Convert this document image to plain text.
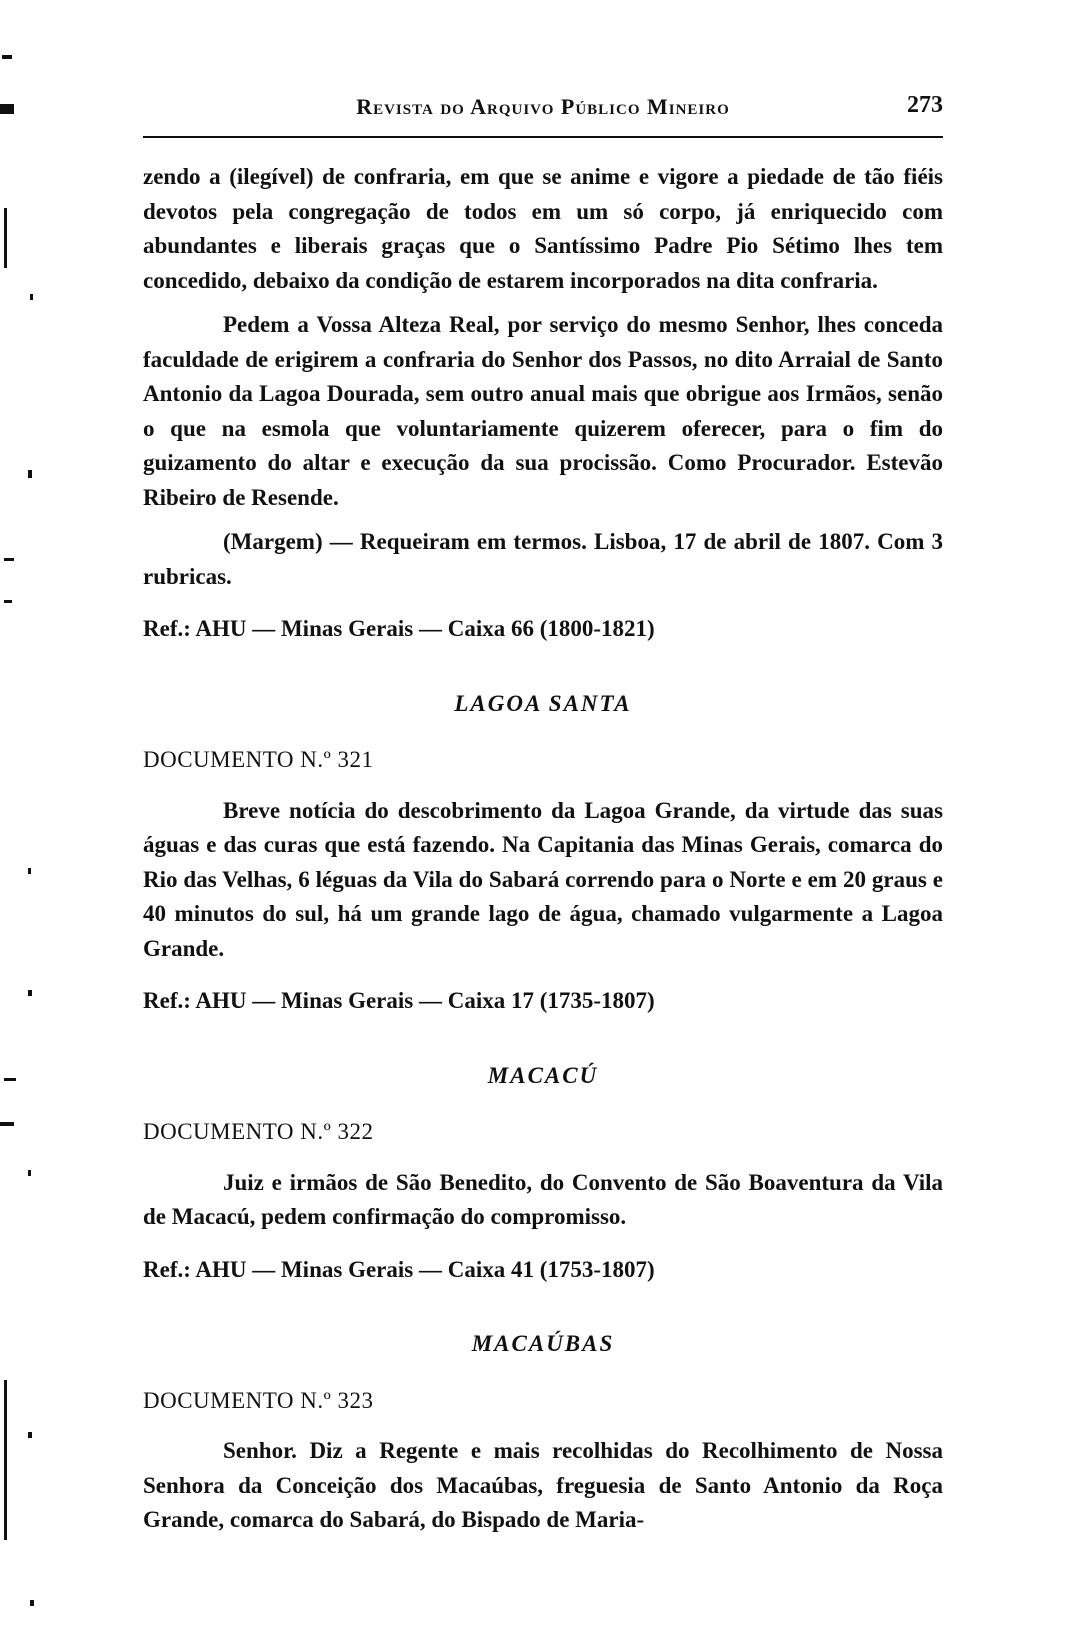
Revista do Arquivo Público Mineiro	273

zendo a (ilegível) de confraria, em que se anime e vigore a piedade de tão fiéis devotos pela congregação de todos em um só corpo, já enriquecido com abundantes e liberais graças que o Santíssimo Padre Pio Sétimo lhes tem concedido, debaixo da condição de estarem incorporados na dita confraria.

Pedem a Vossa Alteza Real, por serviço do mesmo Senhor, lhes conceda faculdade de erigirem a confraria do Senhor dos Passos, no dito Arraial de Santo Antonio da Lagoa Dourada, sem outro anual mais que obrigue aos Irmãos, senão o que na esmola que voluntariamente quizerem oferecer, para o fim do guizamento do altar e execução da sua procissão. Como Procurador. Estevão Ribeiro de Resende.

(Margem) — Requeiram em termos. Lisboa, 17 de abril de 1807. Com 3 rubricas.

Ref.: AHU — Minas Gerais — Caixa 66 (1800-1821)

LAGOA SANTA
DOCUMENTO N.º 321

Breve notícia do descobrimento da Lagoa Grande, da virtude das suas águas e das curas que está fazendo. Na Capitania das Minas Gerais, comarca do Rio das Velhas, 6 léguas da Vila do Sabará correndo para o Norte e em 20 graus e 40 minutos do sul, há um grande lago de água, chamado vulgarmente a Lagoa Grande.

Ref.: AHU — Minas Gerais — Caixa 17 (1735-1807)

MACACÚ
DOCUMENTO N.º 322

Juiz e irmãos de São Benedito, do Convento de São Boaventura da Vila de Macacú, pedem confirmação do compromisso.

Ref.: AHU — Minas Gerais — Caixa 41 (1753-1807)

MACAÚBAS
DOCUMENTO N.º 323

Senhor. Diz a Regente e mais recolhidas do Recolhimento de Nossa Senhora da Conceição dos Macaúbas, freguesia de Santo Antonio da Roça Grande, comarca do Sabará, do Bispado de Maria-
